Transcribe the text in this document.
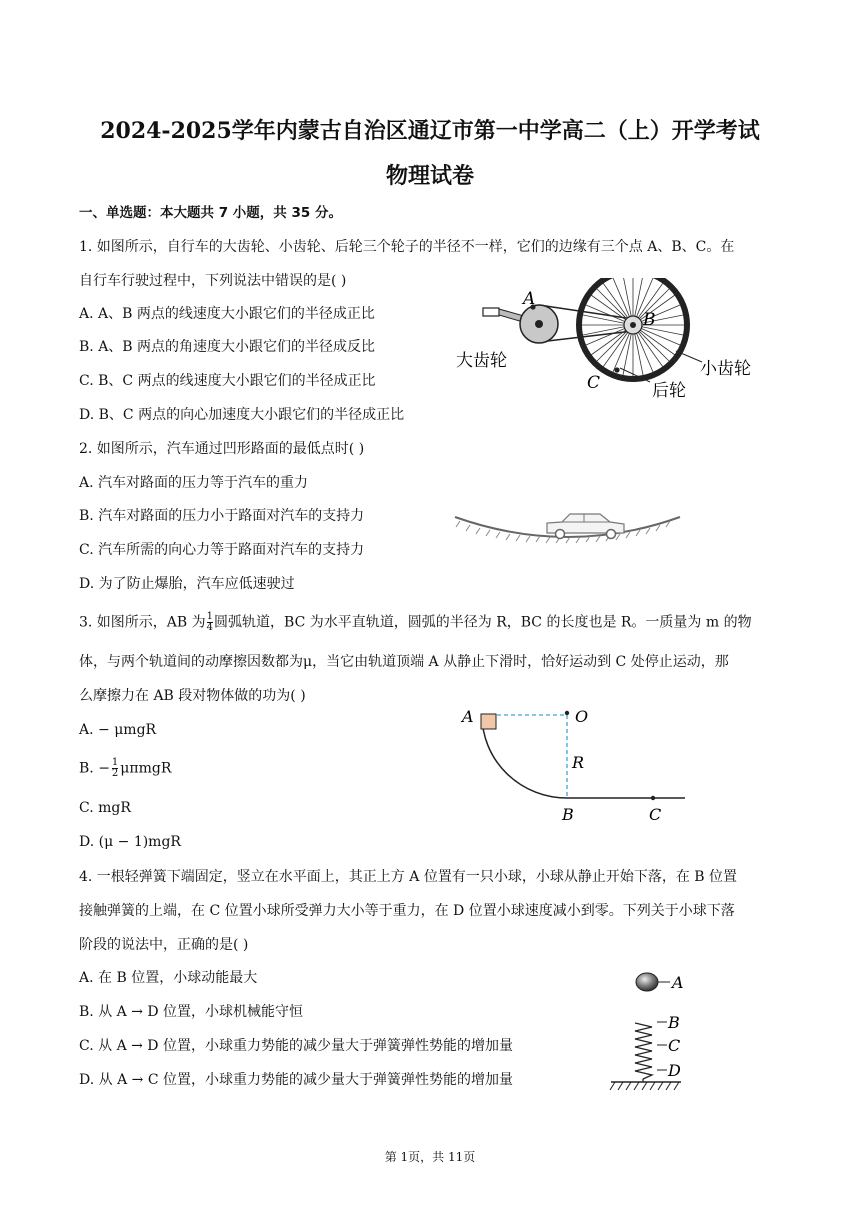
2024-2025学年内蒙古自治区通辽市第一中学高二（上）开学考试
物理试卷
一、单选题：本大题共 7 小题，共 35 分。
1. 如图所示，自行车的大齿轮、小齿轮、后轮三个轮子的半径不一样，它们的边缘有三个点 A、B、C。在
自行车行驶过程中，下列说法中错误的是( )
A. A、B 两点的线速度大小跟它们的半径成正比
B. A、B 两点的角速度大小跟它们的半径成反比
C. B、C 两点的线速度大小跟它们的半径成正比
D. B、C 两点的向心加速度大小跟它们的半径成正比
A
B
C
大齿轮	小齿轮
后轮
2. 如图所示，汽车通过凹形路面的最低点时( )
A. 汽车对路面的压力等于汽车的重力
B. 汽车对路面的压力小于路面对汽车的支持力
C. 汽车所需的向心力等于路面对汽车的支持力
D. 为了防止爆胎，汽车应低速驶过
3. 如图所示，AB 为 $\frac{1}{4}$ 圆弧轨道，BC 为水平直轨道，圆弧的半径为 R，BC 的长度也是 R。一质量为 m 的物
体，与两个轨道间的动摩擦因数都为μ，当它由轨道顶端 A 从静止下滑时，恰好运动到 C 处停止运动，那
么摩擦力在 AB 段对物体做的功为( )
A. − μmgR
B. − $\frac{1}{2}$ μπmgR
C. mgR
D. (μ − 1)mgR
A	O
R
B	C
4. 一根轻弹簧下端固定，竖立在水平面上，其正上方 A 位置有一只小球，小球从静止开始下落，在 B 位置
接触弹簧的上端，在 C 位置小球所受弹力大小等于重力，在 D 位置小球速度减小到零。下列关于小球下落
阶段的说法中，正确的是( )
A. 在 B 位置，小球动能最大
B. 从 A → D 位置，小球机械能守恒
C. 从 A → D 位置，小球重力势能的减少量大于弹簧弹性势能的增加量
D. 从 A → C 位置，小球重力势能的减少量大于弹簧弹性势能的增加量
A
B
C
D
第 1页，共 11页
